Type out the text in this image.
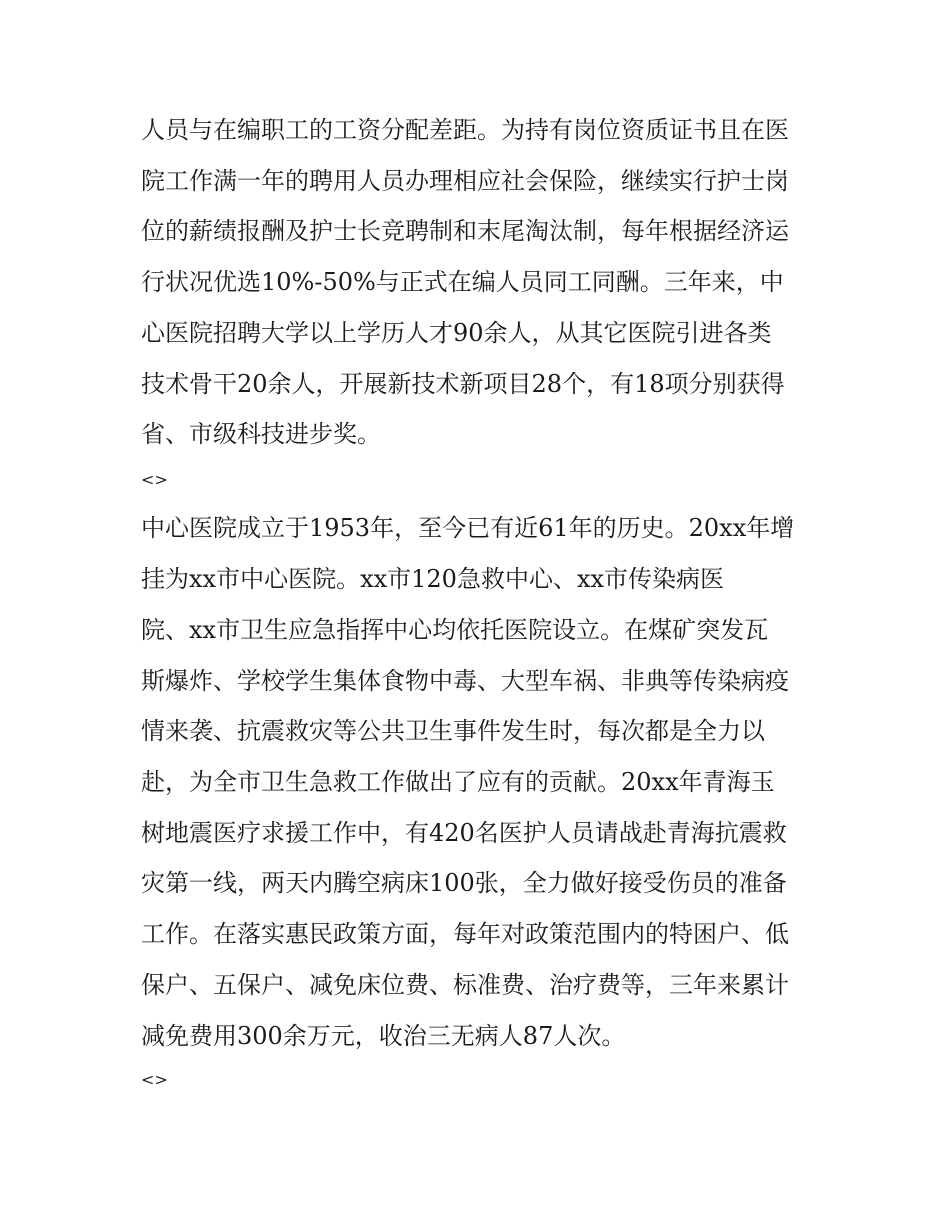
人员与在编职工的工资分配差距。为持有岗位资质证书且在医
院工作满一年的聘用人员办理相应社会保险，继续实行护士岗
位的薪绩报酬及护士长竞聘制和末尾淘汰制，每年根据经济运
行状况优选10%-50%与正式在编人员同工同酬。三年来，中
心医院招聘大学以上学历人才90余人，从其它医院引进各类
技术骨干20余人，开展新技术新项目28个，有18项分别获得
省、市级科技进步奖。
<>
中心医院成立于1953年，至今已有近61年的历史。20xx年增
挂为xx市中心医院。xx市120急救中心、xx市传染病医
院、xx市卫生应急指挥中心均依托医院设立。在煤矿突发瓦
斯爆炸、学校学生集体食物中毒、大型车祸、非典等传染病疫
情来袭、抗震救灾等公共卫生事件发生时，每次都是全力以
赴，为全市卫生急救工作做出了应有的贡献。20xx年青海玉
树地震医疗求援工作中，有420名医护人员请战赴青海抗震救
灾第一线，两天内腾空病床100张，全力做好接受伤员的准备
工作。在落实惠民政策方面，每年对政策范围内的特困户、低
保户、五保户、减免床位费、标准费、治疗费等，三年来累计
减免费用300余万元，收治三无病人87人次。
<>
